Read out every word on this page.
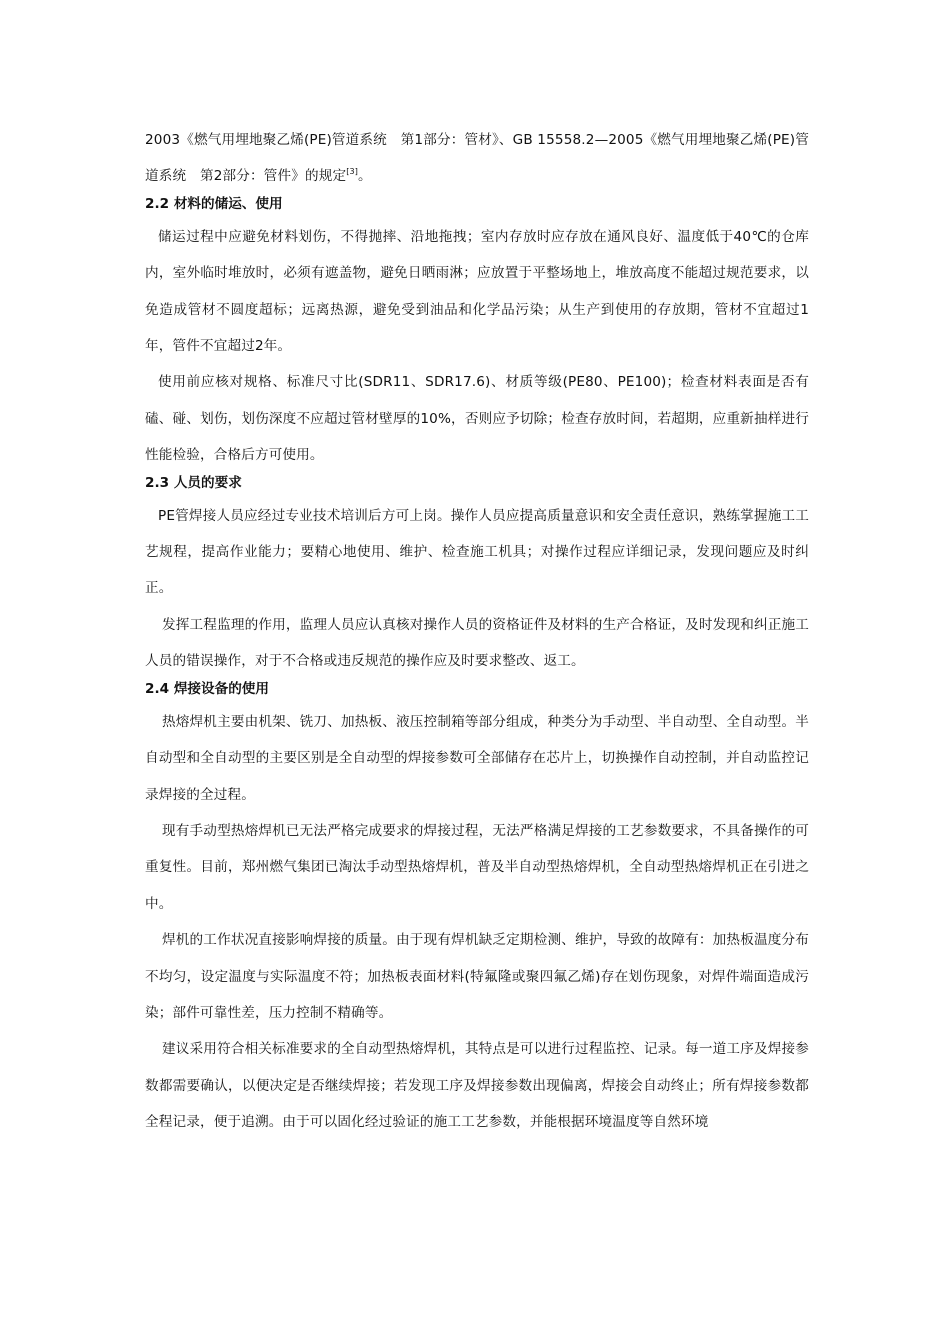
2003《燃气用埋地聚乙烯(PE)管道系统　第1部分：管材》、GB 15558.2—2005《燃气用埋地聚乙烯(PE)管道系统　第2部分：管件》的规定[3]。

2.2 材料的储运、使用

储运过程中应避免材料划伤，不得抛摔、沿地拖拽；室内存放时应存放在通风良好、温度低于40℃的仓库内，室外临时堆放时，必须有遮盖物，避免日晒雨淋；应放置于平整场地上，堆放高度不能超过规范要求，以免造成管材不圆度超标；远离热源，避免受到油品和化学品污染；从生产到使用的存放期，管材不宜超过1年，管件不宜超过2年。

使用前应核对规格、标准尺寸比(SDR11、SDR17.6)、材质等级(PE80、PE100)；检查材料表面是否有磕、碰、划伤，划伤深度不应超过管材壁厚的10%，否则应予切除；检查存放时间，若超期，应重新抽样进行性能检验，合格后方可使用。

2.3 人员的要求

PE管焊接人员应经过专业技术培训后方可上岗。操作人员应提高质量意识和安全责任意识，熟练掌握施工工艺规程，提高作业能力；要精心地使用、维护、检查施工机具；对操作过程应详细记录，发现问题应及时纠正。

发挥工程监理的作用，监理人员应认真核对操作人员的资格证件及材料的生产合格证，及时发现和纠正施工人员的错误操作，对于不合格或违反规范的操作应及时要求整改、返工。

2.4 焊接设备的使用

热熔焊机主要由机架、铣刀、加热板、液压控制箱等部分组成，种类分为手动型、半自动型、全自动型。半自动型和全自动型的主要区别是全自动型的焊接参数可全部储存在芯片上，切换操作自动控制，并自动监控记录焊接的全过程。

现有手动型热熔焊机已无法严格完成要求的焊接过程，无法严格满足焊接的工艺参数要求，不具备操作的可重复性。目前，郑州燃气集团已淘汰手动型热熔焊机，普及半自动型热熔焊机，全自动型热熔焊机正在引进之中。

焊机的工作状况直接影响焊接的质量。由于现有焊机缺乏定期检测、维护，导致的故障有：加热板温度分布不均匀，设定温度与实际温度不符；加热板表面材料(特氟隆或聚四氟乙烯)存在划伤现象，对焊件端面造成污染；部件可靠性差，压力控制不精确等。

建议采用符合相关标准要求的全自动型热熔焊机，其特点是可以进行过程监控、记录。每一道工序及焊接参数都需要确认，以便决定是否继续焊接；若发现工序及焊接参数出现偏离，焊接会自动终止；所有焊接参数都全程记录，便于追溯。由于可以固化经过验证的施工工艺参数，并能根据环境温度等自然环境
